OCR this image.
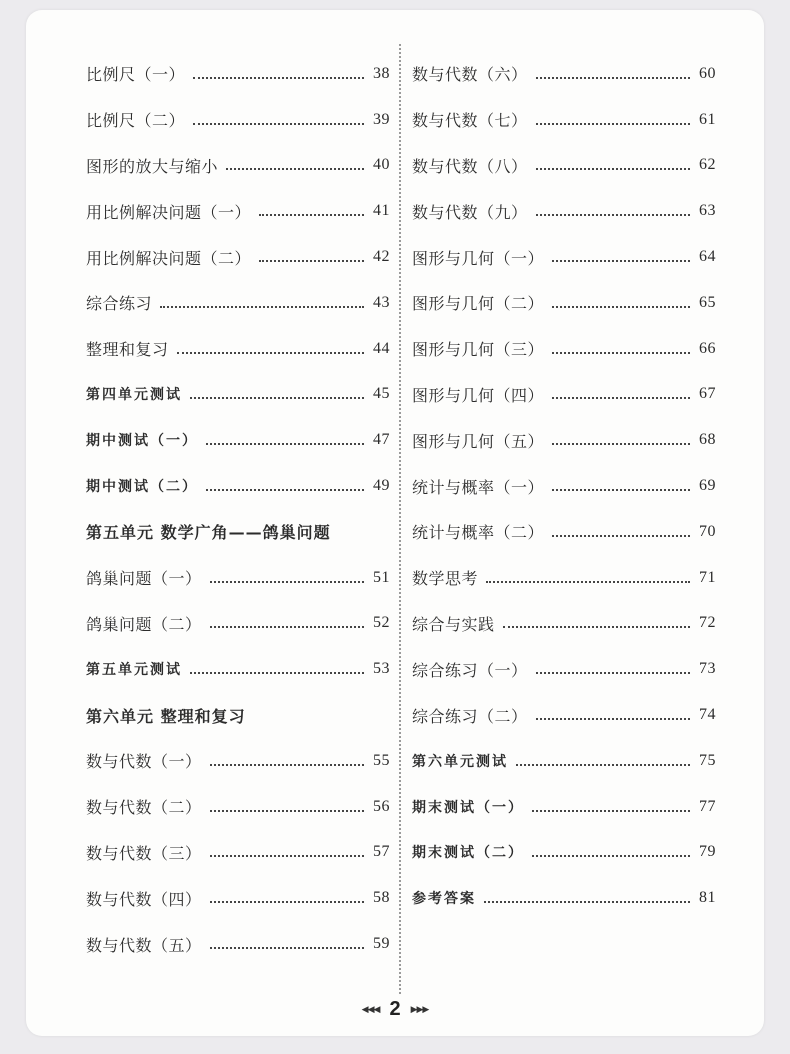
比例尺（一）	38
比例尺（二）	39
图形的放大与缩小	40
用比例解决问题（一）	41
用比例解决问题（二）	42
综合练习	43
整理和复习	44
第四单元测试	45
期中测试（一）	47
期中测试（二）	49
第五单元 数学广角——鸽巢问题
鸽巢问题（一）	51
鸽巢问题（二）	52
第五单元测试	53
第六单元 整理和复习
数与代数（一）	55
数与代数（二）	56
数与代数（三）	57
数与代数（四）	58
数与代数（五）	59
数与代数（六）	60
数与代数（七）	61
数与代数（八）	62
数与代数（九）	63
图形与几何（一）	64
图形与几何（二）	65
图形与几何（三）	66
图形与几何（四）	67
图形与几何（五）	68
统计与概率（一）	69
统计与概率（二）	70
数学思考	71
综合与实践	72
综合练习（一）	73
综合练习（二）	74
第六单元测试	75
期末测试（一）	77
期末测试（二）	79
参考答案	81
◀◀◀ 2 ▶▶▶
